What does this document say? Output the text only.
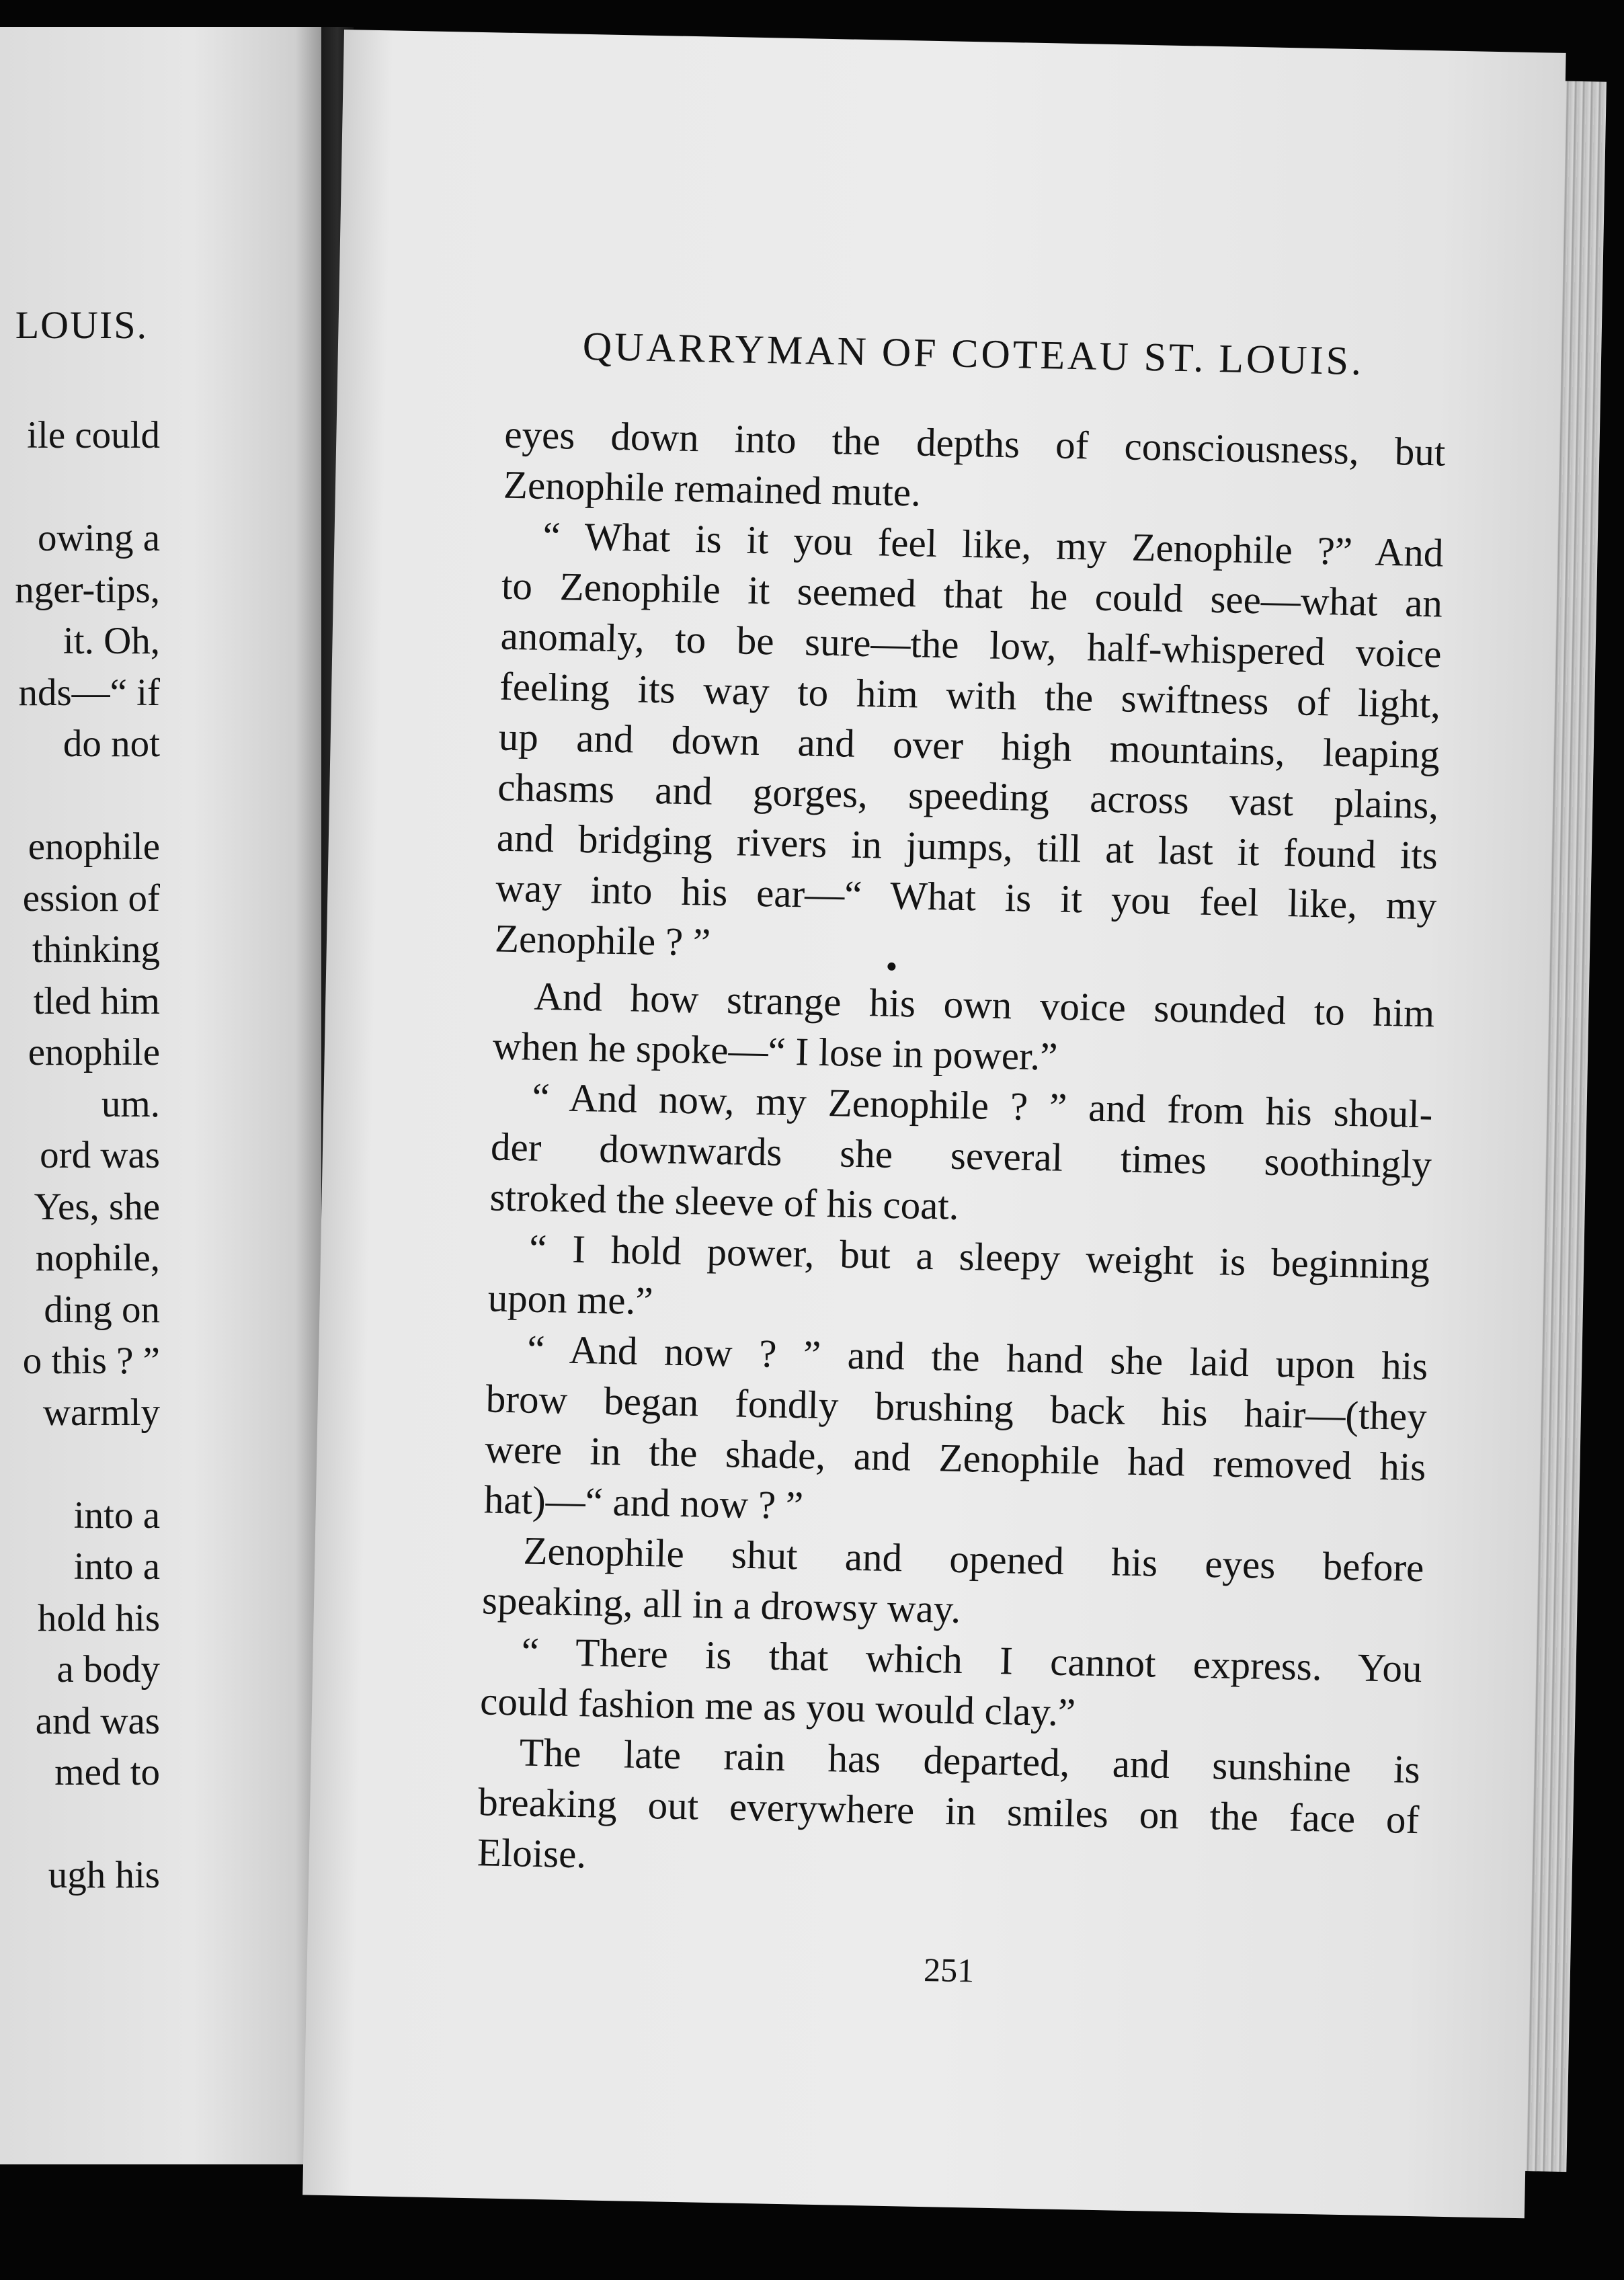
LOUIS.
ile could
owing a
nger-tips,
it. Oh,
nds—“ if
do not
enophile
ession of
thinking
tled him
enophile
um.
ord was
Yes, she
nophile,
ding on
o this ? ”
warmly
into a
into a
hold his
a body
and was
med to
ugh his
QUARRYMAN OF COTEAU ST. LOUIS.
eyes down into the depths of consciousness, but
Zenophile remained mute.
“ What is it you feel like, my Zenophile ?” And
to Zenophile it seemed that he could see—what an
anomaly, to be sure—the low, half-whispered voice
feeling its way to him with the swiftness of light,
up and down and over high mountains, leaping
chasms and gorges, speeding across vast plains,
and bridging rivers in jumps, till at last it found its
way into his ear—“ What is it you feel like, my
Zenophile ? ”
And how strange his own voice sounded to him
when he spoke—“ I lose in power.”
“ And now, my Zenophile ? ” and from his shoul-
der downwards she several times soothingly
stroked the sleeve of his coat.
“ I hold power, but a sleepy weight is beginning
upon me.”
“ And now ? ” and the hand she laid upon his
brow began fondly brushing back his hair—(they
were in the shade, and Zenophile had removed his
hat)—“ and now ? ”
Zenophile shut and opened his eyes before
speaking, all in a drowsy way.
“ There is that which I cannot express. You
could fashion me as you would clay.”
The late rain has departed, and sunshine is
breaking out everywhere in smiles on the face of
Eloise.
251
